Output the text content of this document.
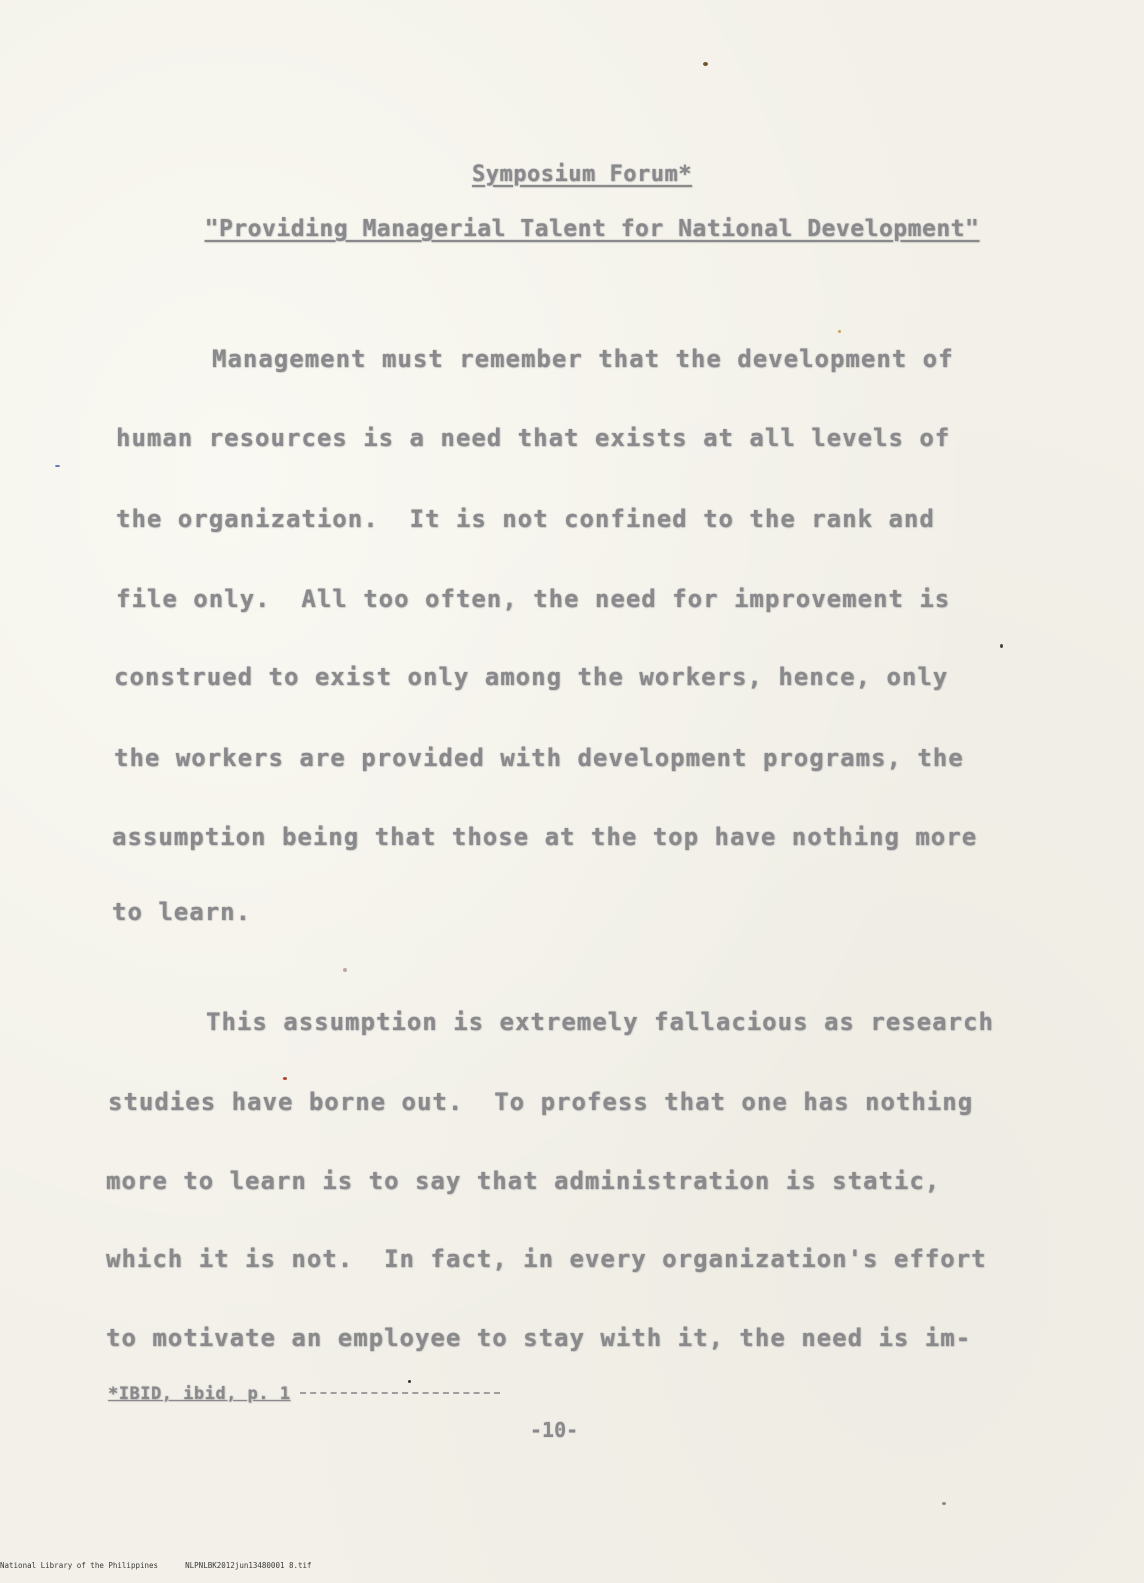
Symposium Forum*
"Providing Managerial Talent for National Development"
Management must remember that the development of
human resources is a need that exists at all levels of
the organization.  It is not confined to the rank and
file only.  All too often, the need for improvement is
construed to exist only among the workers, hence, only
the workers are provided with development programs, the
assumption being that those at the top have nothing more
to learn.
This assumption is extremely fallacious as research
studies have borne out.  To profess that one has nothing
more to learn is to say that administration is static,
which it is not.  In fact, in every organization's effort
to motivate an employee to stay with it, the need is im-
*IBID, ibid, p. 1
-10-
National Library of the Philippines      NLPNLBK2012jun13480001 8.tif
